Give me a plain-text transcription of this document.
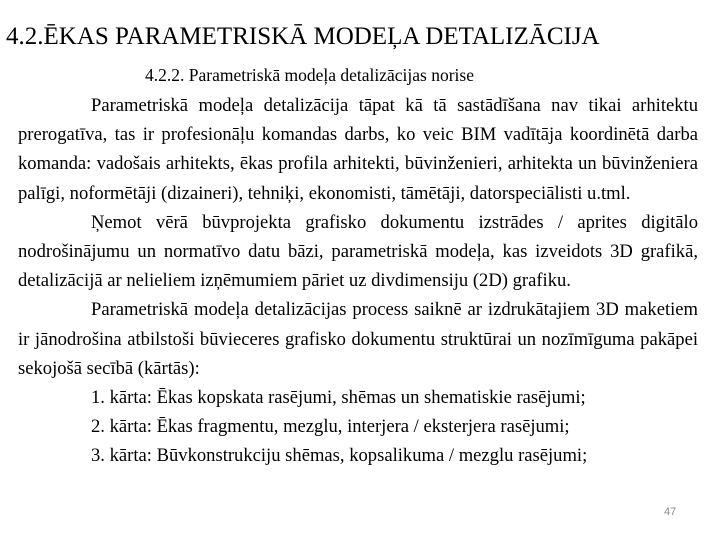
4.2.ĒKAS PARAMETRISKĀ MODEĻA DETALIZĀCIJA
4.2.2. Parametriskā modeļa detalizācijas norise

Parametriskā modeļa detalizācija tāpat kā tā sastādīšana nav tikai arhitektu prerogatīva, tas ir profesionāļu komandas darbs, ko veic BIM vadītāja koordinētā darba komanda: vadošais arhitekts, ēkas profila arhitekti, būvinženieri, arhitekta un būvinženiera palīgi, noformētāji (dizaineri), tehniķi, ekonomisti, tāmētāji, datorspeciālisti u.tml.

Ņemot vērā būvprojekta grafisko dokumentu izstrādes / aprites digitālo nodrošinājumu un normatīvo datu bāzi, parametriskā modeļa, kas izveidots 3D grafikā, detalizācijā ar nelieliem izņēmumiem pāriet uz divdimensiju (2D) grafiku.

Parametriskā modeļa detalizācijas process saiknē ar izdrukātajiem 3D maketiem ir jānodrošina atbilstoši būvieceres grafisko dokumentu struktūrai un nozīmīguma pakāpei sekojošā secībā (kārtās):

1. kārta: Ēkas kopskata rasējumi, shēmas un shematiskie rasējumi;

2. kārta: Ēkas fragmentu, mezglu, interjera / eksterjera rasējumi;

3. kārta: Būvkonstrukciju shēmas, kopsalikuma / mezglu rasējumi;

47
